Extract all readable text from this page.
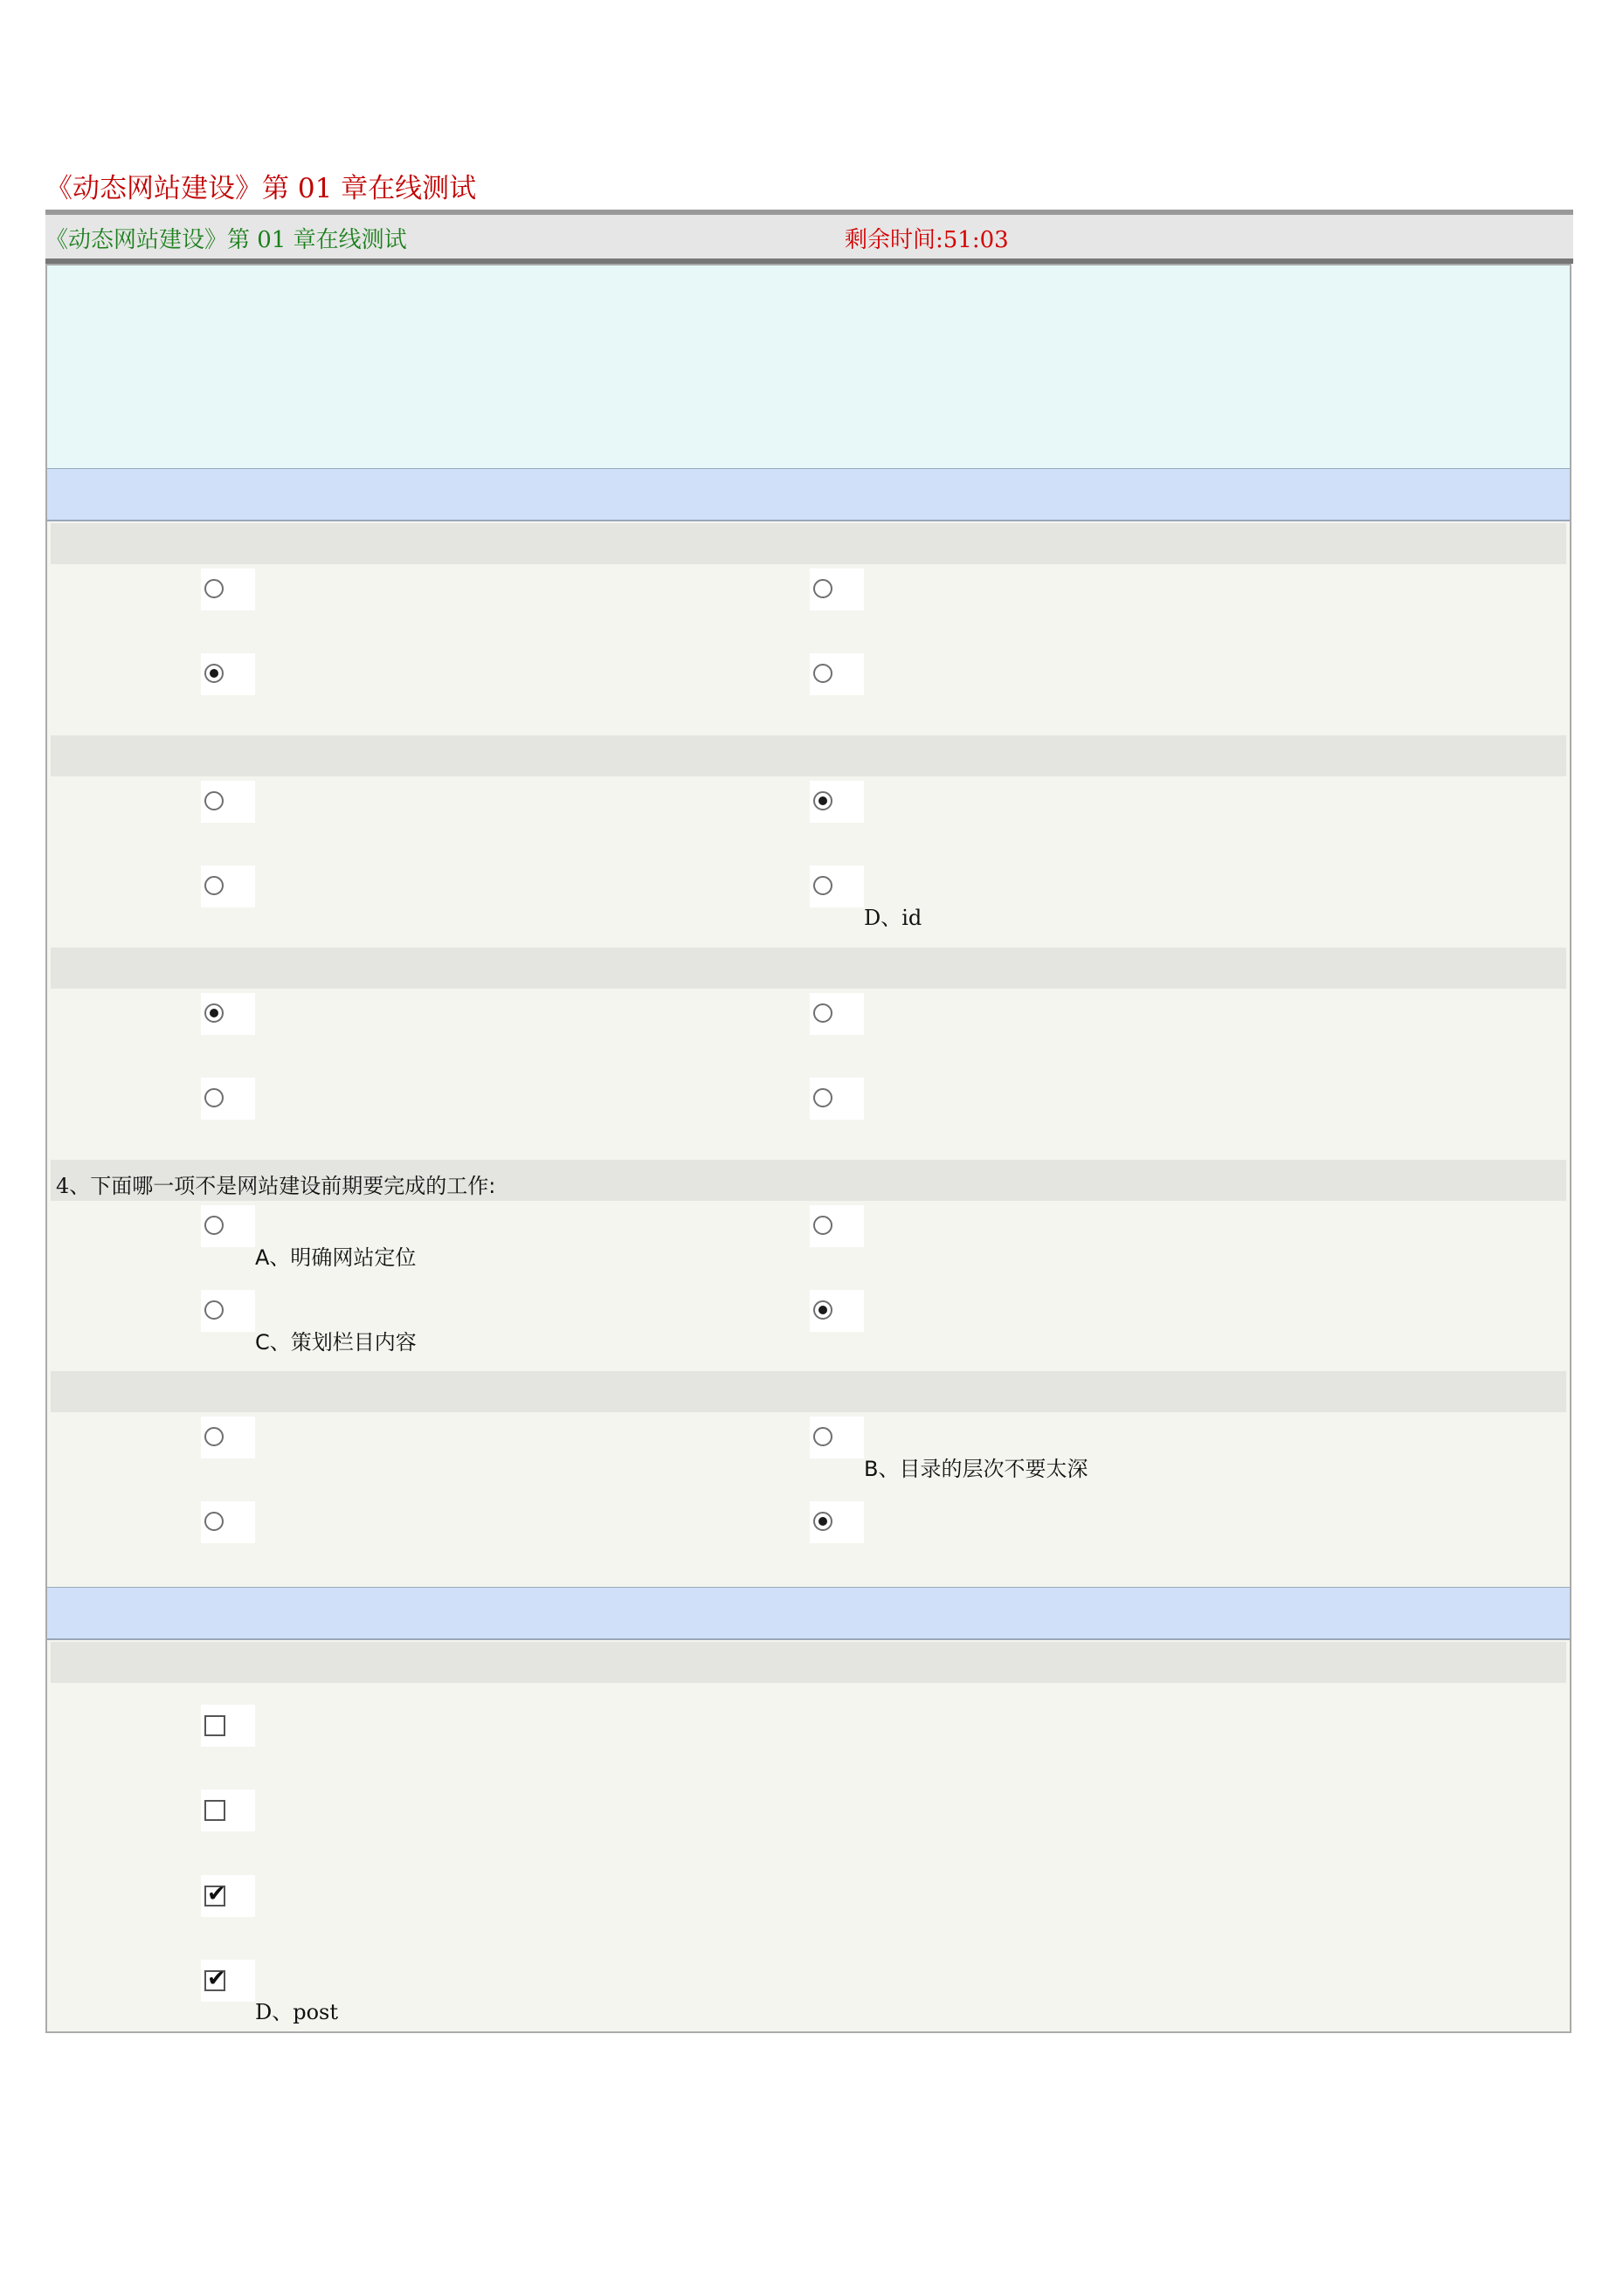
《动态网站建设》第 01 章在线测试
《动态网站建设》第 01 章在线测试	剩余时间:51:03
D、id
4、下面哪一项不是网站建设前期要完成的工作:
A、明确网站定位
C、策划栏目内容
B、目录的层次不要太深
✔
✔
D、post
